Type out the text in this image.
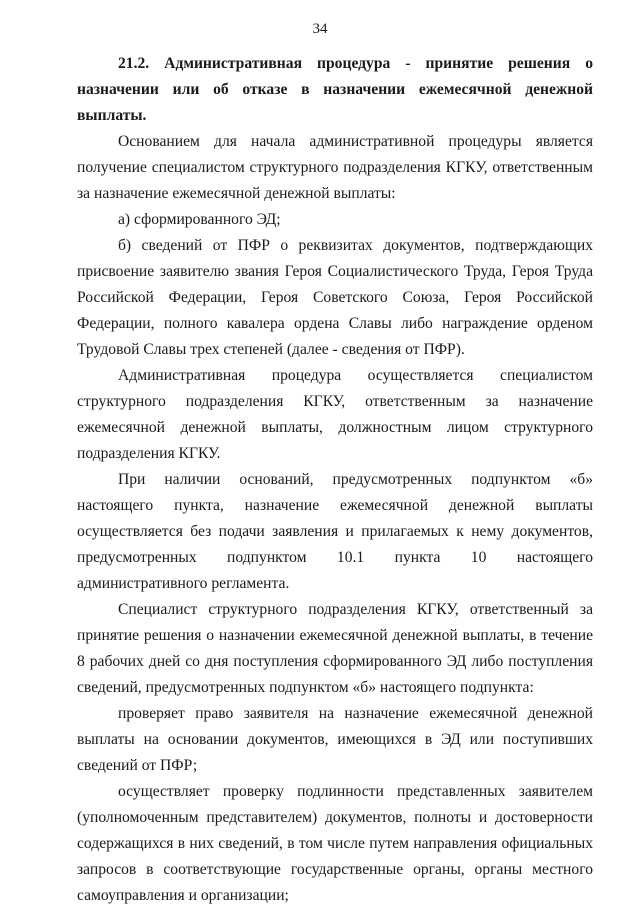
34

21.2. Административная процедура - принятие решения о назначении или об отказе в назначении ежемесячной денежной выплаты.

Основанием для начала административной процедуры является получение специалистом структурного подразделения КГКУ, ответственным за назначение ежемесячной денежной выплаты:

а) сформированного ЭД;

б) сведений от ПФР о реквизитах документов, подтверждающих присвоение заявителю звания Героя Социалистического Труда, Героя Труда Российской Федерации, Героя Советского Союза, Героя Российской Федерации, полного кавалера ордена Славы либо награждение орденом Трудовой Славы трех степеней (далее - сведения от ПФР).

Административная процедура осуществляется специалистом структурного подразделения КГКУ, ответственным за назначение ежемесячной денежной выплаты, должностным лицом структурного подразделения КГКУ.

При наличии оснований, предусмотренных подпунктом «б» настоящего пункта, назначение ежемесячной денежной выплаты осуществляется без подачи заявления и прилагаемых к нему документов, предусмотренных подпунктом 10.1 пункта 10 настоящего административного регламента.

Специалист структурного подразделения КГКУ, ответственный за принятие решения о назначении ежемесячной денежной выплаты, в течение 8 рабочих дней со дня поступления сформированного ЭД либо поступления сведений, предусмотренных подпунктом «б» настоящего подпункта:

проверяет право заявителя на назначение ежемесячной денежной выплаты на основании документов, имеющихся в ЭД или поступивших сведений от ПФР;

осуществляет проверку подлинности представленных заявителем (уполномоченным представителем) документов, полноты и достоверности содержащихся в них сведений, в том числе путем направления официальных запросов в соответствующие государственные органы, органы местного самоуправления и организации;
